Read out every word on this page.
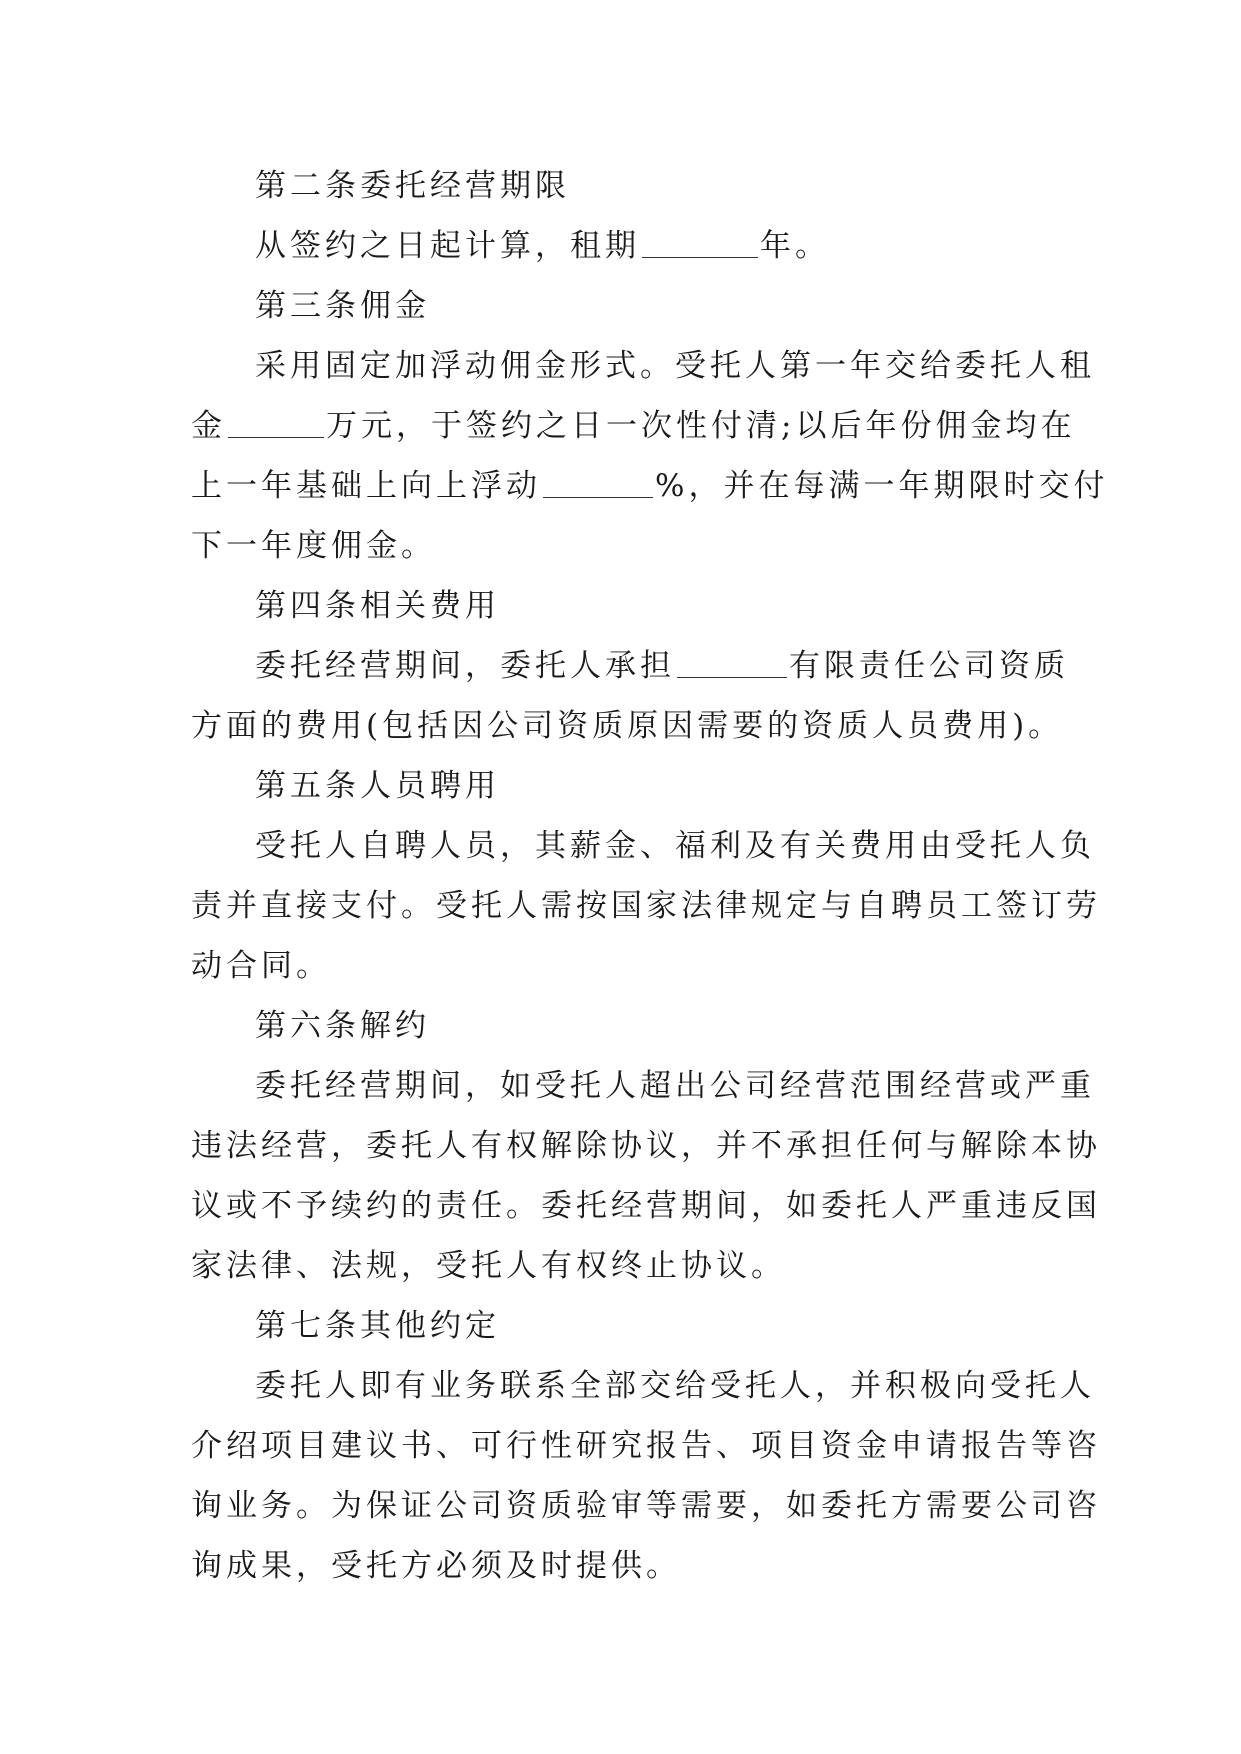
第二条委托经营期限
从签约之日起计算，租期	年。
第三条佣金
采用固定加浮动佣金形式。受托人第一年交给委托人租
金	万元，于签约之日一次性付清;以后年份佣金均在
上一年基础上向上浮动	%，并在每满一年期限时交付
下一年度佣金。
第四条相关费用
委托经营期间，委托人承担	有限责任公司资质
方面的费用(包括因公司资质原因需要的资质人员费用)。
第五条人员聘用
受托人自聘人员，其薪金、福利及有关费用由受托人负
责并直接支付。受托人需按国家法律规定与自聘员工签订劳
动合同。
第六条解约
委托经营期间，如受托人超出公司经营范围经营或严重
违法经营，委托人有权解除协议，并不承担任何与解除本协
议或不予续约的责任。委托经营期间，如委托人严重违反国
家法律、法规，受托人有权终止协议。
第七条其他约定
委托人即有业务联系全部交给受托人，并积极向受托人
介绍项目建议书、可行性研究报告、项目资金申请报告等咨
询业务。为保证公司资质验审等需要，如委托方需要公司咨
询成果，受托方必须及时提供。
